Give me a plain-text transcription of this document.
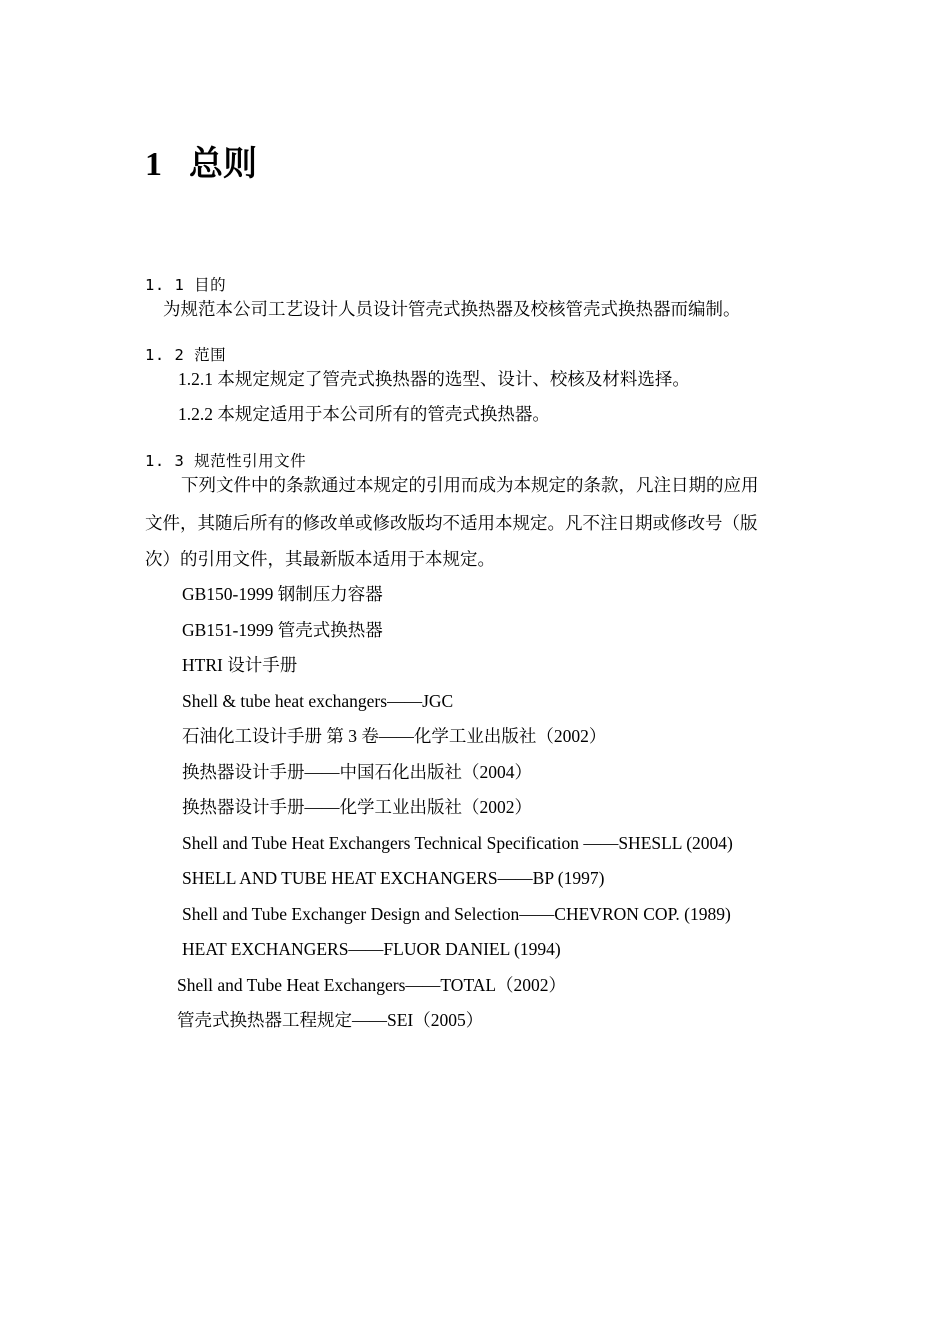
1 总则
1. 1 目的
为规范本公司工艺设计人员设计管壳式换热器及校核管壳式换热器而编制。
1. 2 范围
1.2.1 本规定规定了管壳式换热器的选型、设计、校核及材料选择。
1.2.2 本规定适用于本公司所有的管壳式换热器。
1. 3 规范性引用文件
下列文件中的条款通过本规定的引用而成为本规定的条款，凡注日期的应用
文件，其随后所有的修改单或修改版均不适用本规定。凡不注日期或修改号（版
次）的引用文件，其最新版本适用于本规定。
GB150-1999 钢制压力容器
GB151-1999 管壳式换热器
HTRI 设计手册
Shell & tube heat exchangers——JGC
石油化工设计手册 第 3 卷——化学工业出版社（2002）
换热器设计手册——中国石化出版社（2004）
换热器设计手册——化学工业出版社（2002）
Shell and Tube Heat Exchangers Technical Specification ——SHESLL (2004)
SHELL AND TUBE HEAT EXCHANGERS——BP (1997)
Shell and Tube Exchanger Design and Selection——CHEVRON COP. (1989)
HEAT EXCHANGERS——FLUOR DANIEL (1994)
Shell and Tube Heat Exchangers——TOTAL（2002）
管壳式换热器工程规定——SEI（2005）
